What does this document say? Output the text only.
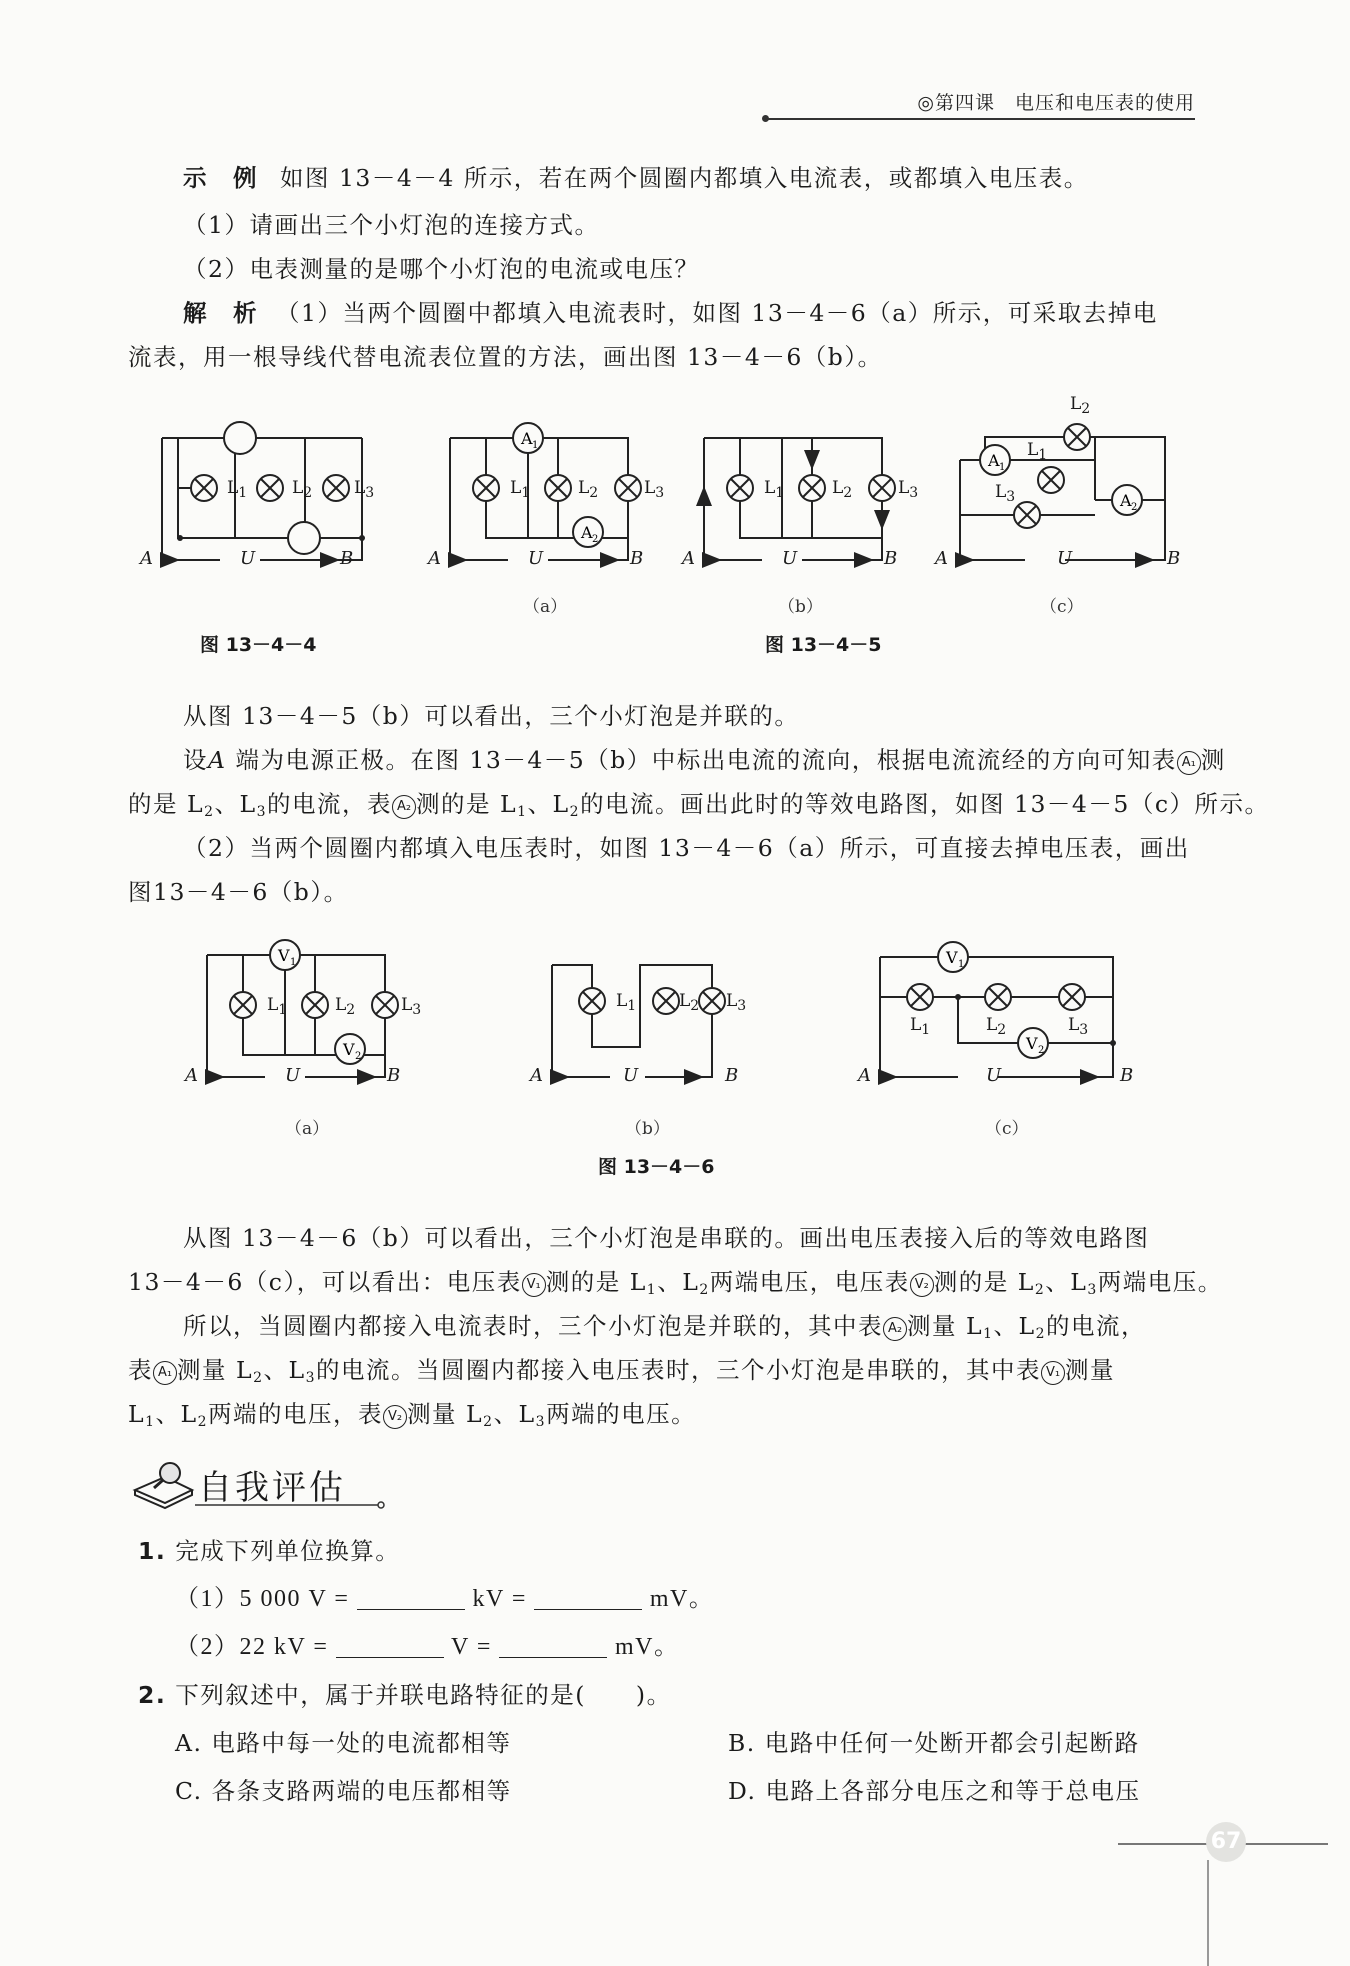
◎第四课　电压和电压表的使用
示　例 如图 13－4－4 所示，若在两个圆圈内都填入电流表，或都填入电压表。
（1）请画出三个小灯泡的连接方式。
（2）电表测量的是哪个小灯泡的电流或电压？
解　析 （1）当两个圆圈中都填入电流表时，如图 13－4－6（a）所示，可采取去掉电
流表，用一根导线代替电流表位置的方法，画出图 13－4－6（b）。
$L_1$	$L_2$ $L_3$
A	U	B
图 13－4－4
A 1
A 2
$L_1$	$L_2$	$L_3$
A	U	B
（a）
$L_1$	$L_2$	$L_3$
A	U	B
（b）
A 1
A 2
$L_2$
$L_1$
$L_3$
A	U	B
（c）
图 13－4－5
从图 13－4－5（b）可以看出，三个小灯泡是并联的。
设A 端为电源正极。在图 13－4－5（b）中标出电流的流向，根据电流流经的方向可知表 A₁ 测
的是 $L_2$、$L_3$的电流，表 A₂ 测的是 $L_1$、$L_2$的电流。画出此时的等效电路图，如图 13－4－5（c）所示。
（2）当两个圆圈内都填入电压表时，如图 13－4－6（a）所示，可直接去掉电压表，画出
图13－4－6（b）。
V 1
V 2
$L_1$	$L_2$	$L_3$
A	U	B
（a）
$L_1$	$L_2$ $L_3$
A	U	B
（b）
V 1
V 2
$L_1$	$L_2$	$L_3$
A	U	B
（c）
图 13－4－6
从图 13－4－6（b）可以看出，三个小灯泡是串联的。画出电压表接入后的等效电路图
13－4－6（c），可以看出：电压表 V₁ 测的是 $L_1$、$L_2$两端电压，电压表 V₂ 测的是 $L_2$、$L_3$两端电压。
所以，当圆圈内都接入电流表时，三个小灯泡是并联的，其中表 A₂ 测量 $L_1$、$L_2$的电流，
表 A₁ 测量 $L_2$、$L_3$的电流。当圆圈内都接入电压表时，三个小灯泡是串联的，其中表 V₁ 测量
$L_1$、$L_2$两端的电压，表 V₂ 测量 $L_2$、$L_3$两端的电压。
自我评估
1. 完成下列单位换算。
（1）5 000 V =	kV =	mV。
（2）22 kV =	V =	mV。
2. 下列叙述中，属于并联电路特征的是(　　)。
A. 电路中每一处的电流都相等	B. 电路中任何一处断开都会引起断路
C. 各条支路两端的电压都相等	D. 电路上各部分电压之和等于总电压
67
